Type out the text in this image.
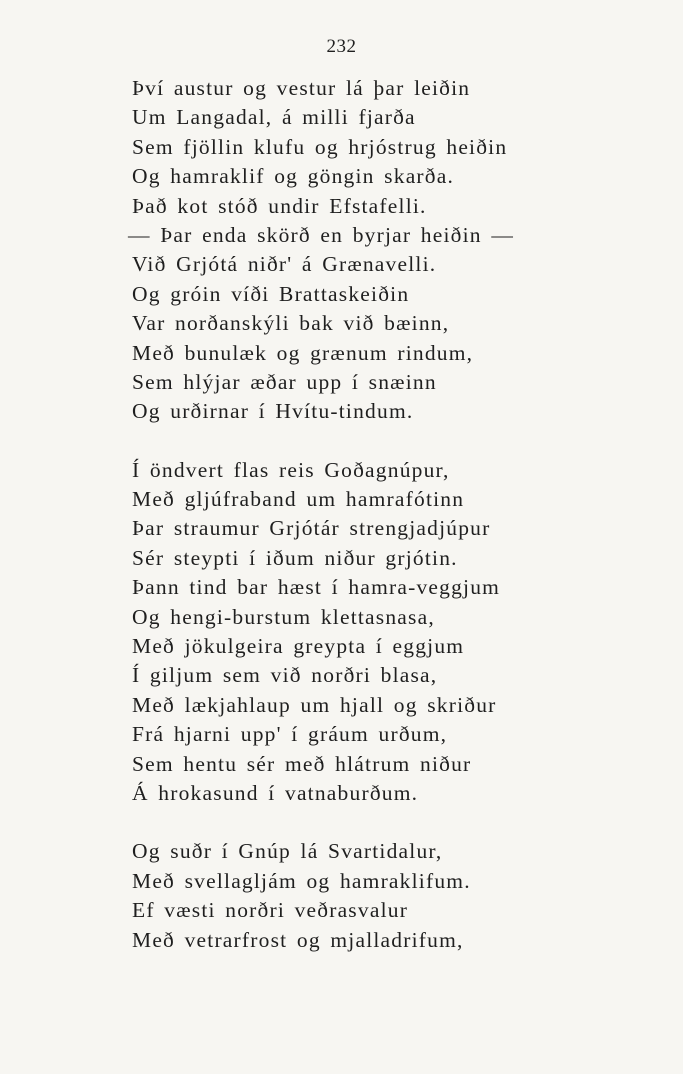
232
Því austur og vestur lá þar leiðin
Um Langadal, á milli fjarða
Sem fjöllin klufu og hrjóstrug heiðin
Og hamraklif og göngin skarða.
Það kot stóð undir Efstafelli.
— Þar enda skörð en byrjar heiðin —
Við Grjótá niðr' á Grænavelli.
Og gróin víði Brattaskeiðin
Var norðanskýli bak við bæinn,
Með bunulæk og grænum rindum,
Sem hlýjar æðar upp í snæinn
Og urðirnar í Hvítu-tindum.
Í öndvert flas reis Goðagnúpur,
Með gljúfraband um hamrafótinn
Þar straumur Grjótár strengjadjúpur
Sér steypti í iðum niður grjótin.
Þann tind bar hæst í hamra-veggjum
Og hengi-burstum klettasnasa,
Með jökulgeira greypta í eggjum
Í giljum sem við norðri blasa,
Með lækjahlaup um hjall og skriður
Frá hjarni upp' í gráum urðum,
Sem hentu sér með hlátrum niður
Á hrokasund í vatnaburðum.
Og suðr í Gnúp lá Svartidalur,
Með svellagljám og hamraklifum.
Ef væsti norðri veðrasvalur
Með vetrarfrost og mjalladrifum,
